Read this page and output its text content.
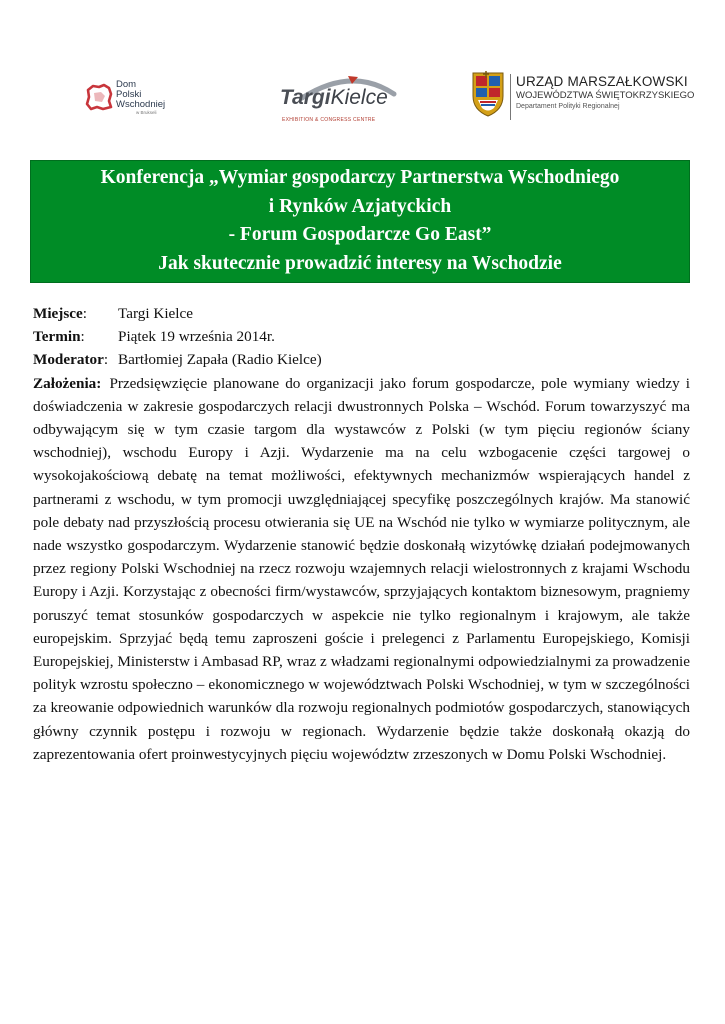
Dom
Polski
Wschodniej
w Brukseli
TargiKielce
EXHIBITION & CONGRESS CENTRE
URZĄD MARSZAŁKOWSKI
WOJEWÓDZTWA ŚWIĘTOKRZYSKIEGO
Departament Polityki Regionalnej
Konferencja „Wymiar gospodarczy Partnerstwa Wschodniego
i Rynków Azjatyckich
- Forum Gospodarcze Go East”
Jak skutecznie prowadzić interesy na Wschodzie
Miejsce: Targi Kielce
Termin: Piątek 19 września 2014r.
Moderator: Bartłomiej Zapała (Radio Kielce)
Założenia: Przedsięwzięcie planowane do organizacji jako forum gospodarcze, pole wymiany wiedzy i doświadczenia w zakresie gospodarczych relacji dwustronnych Polska – Wschód. Forum towarzyszyć ma odbywającym się w tym czasie targom dla wystawców z Polski (w tym pięciu regionów ściany wschodniej), wschodu Europy i Azji. Wydarzenie ma na celu wzbogacenie części targowej o wysokojakościową debatę na temat możliwości, efektywnych mechanizmów wspierających handel z partnerami z wschodu, w tym promocji uwzględniającej specyfikę poszczególnych krajów. Ma stanowić pole debaty nad przyszłością procesu otwierania się UE na Wschód nie tylko w wymiarze politycznym, ale nade wszystko gospodarczym. Wydarzenie stanowić będzie doskonałą wizytówkę działań podejmowanych przez regiony Polski Wschodniej na rzecz rozwoju wzajemnych relacji wielostronnych z krajami Wschodu Europy i Azji. Korzystając z obecności firm/wystawców, sprzyjających kontaktom biznesowym, pragniemy poruszyć temat stosunków gospodarczych w aspekcie nie tylko regionalnym i krajowym, ale także europejskim. Sprzyjać będą temu zaproszeni goście i prelegenci z Parlamentu Europejskiego, Komisji Europejskiej, Ministerstw i Ambasad RP, wraz z władzami regionalnymi odpowiedzialnymi za prowadzenie polityk wzrostu społeczno – ekonomicznego w województwach Polski Wschodniej, w tym w szczególności za kreowanie odpowiednich warunków dla rozwoju regionalnych podmiotów gospodarczych, stanowiących główny czynnik postępu i rozwoju w regionach. Wydarzenie będzie także doskonałą okazją do zaprezentowania ofert proinwestycyjnych pięciu województw zrzeszonych w Domu Polski Wschodniej.
